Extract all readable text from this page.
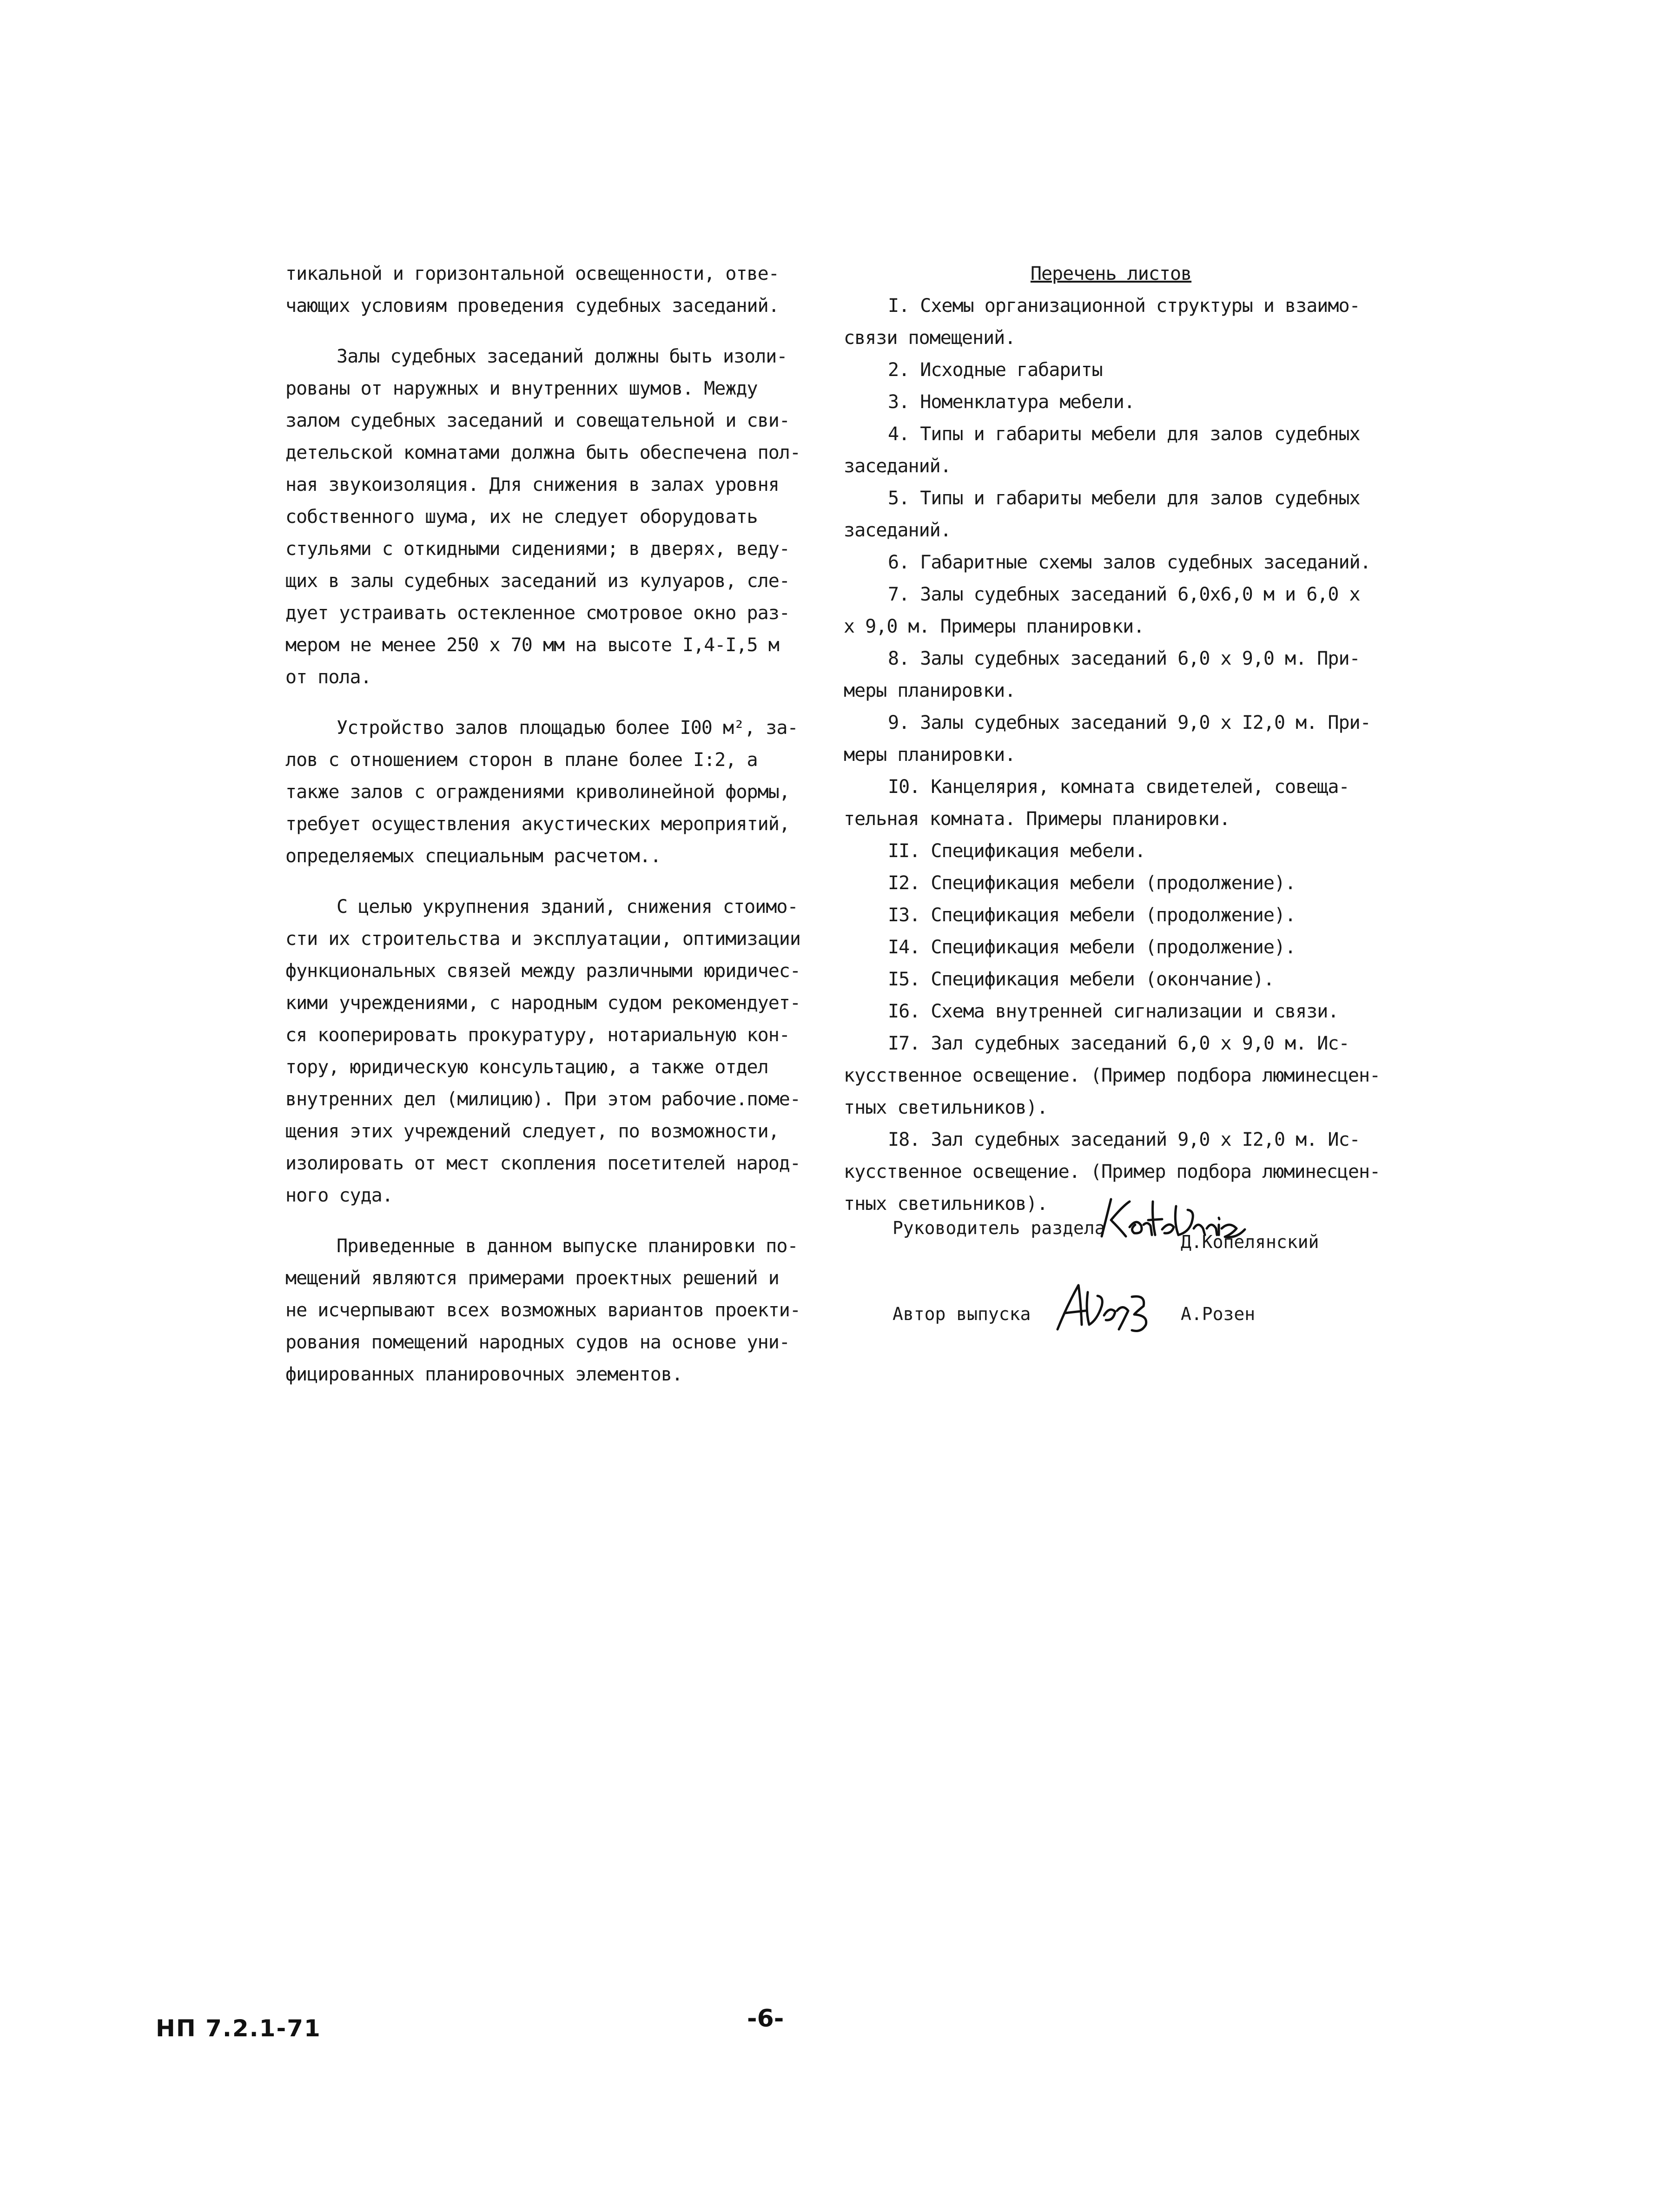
тикальной и горизонтальной освещенности, отве-
чающих условиям проведения судебных заседаний.
Залы судебных заседаний должны быть изоли-
рованы от наружных и внутренних шумов. Между
залом судебных заседаний и совещательной и сви-
детельской комнатами должна быть обеспечена пол-
ная звукоизоляция. Для снижения в залах уровня
собственного шума, их не следует оборудовать
стульями с откидными сидениями; в дверях, веду-
щих в залы судебных заседаний из кулуаров, сле-
дует устраивать остекленное смотровое окно раз-
мером не менее 250 х 70 мм на высоте I,4-I,5 м
от пола.
Устройство залов площадью более I00 м², за-
лов с отношением сторон в плане более I:2, а
также залов с ограждениями криволинейной формы,
требует осуществления акустических мероприятий,
определяемых специальным расчетом..
С целью укрупнения зданий, снижения стоимо-
сти их строительства и эксплуатации, оптимизации
функциональных связей между различными юридичес-
кими учреждениями, с народным судом рекомендует-
ся кооперировать прокуратуру, нотариальную кон-
тору, юридическую консультацию, а также отдел
внутренних дел (милицию). При этом рабочие.поме-
щения этих учреждений следует, по возможности,
изолировать от мест скопления посетителей народ-
ного суда.
Приведенные в данном выпуске планировки по-
мещений являются примерами проектных решений и
не исчерпывают всех возможных вариантов проекти-
рования помещений народных судов на основе уни-
фицированных планировочных элементов.
Перечень листов
I. Схемы организационной структуры и взаимо-
связи помещений.
2. Исходные габариты
3. Номенклатура мебели.
4. Типы и габариты мебели для залов судебных
заседаний.
5. Типы и габариты мебели для залов судебных
заседаний.
6. Габаритные схемы залов судебных заседаний.
7. Залы судебных заседаний 6,0х6,0 м и 6,0 х
х 9,0 м. Примеры планировки.
8. Залы судебных заседаний 6,0 х 9,0 м. При-
меры планировки.
9. Залы судебных заседаний 9,0 х I2,0 м. При-
меры планировки.
I0. Канцелярия, комната свидетелей, совеща-
тельная комната. Примеры планировки.
II. Спецификация мебели.
I2. Спецификация мебели (продолжение).
I3. Спецификация мебели (продолжение).
I4. Спецификация мебели (продолжение).
I5. Спецификация мебели (окончание).
I6. Схема внутренней сигнализации и связи.
I7. Зал судебных заседаний 6,0 х 9,0 м. Ис-
кусственное освещение. (Пример подбора люминесцен-
тных светильников).
I8. Зал судебных заседаний 9,0 х I2,0 м. Ис-
кусственное освещение. (Пример подбора люминесцен-
тных светильников).
Руководитель раздела
Д.Копелянский
Автор выпуска	А.Розен
НП 7.2.1-71	-6-
